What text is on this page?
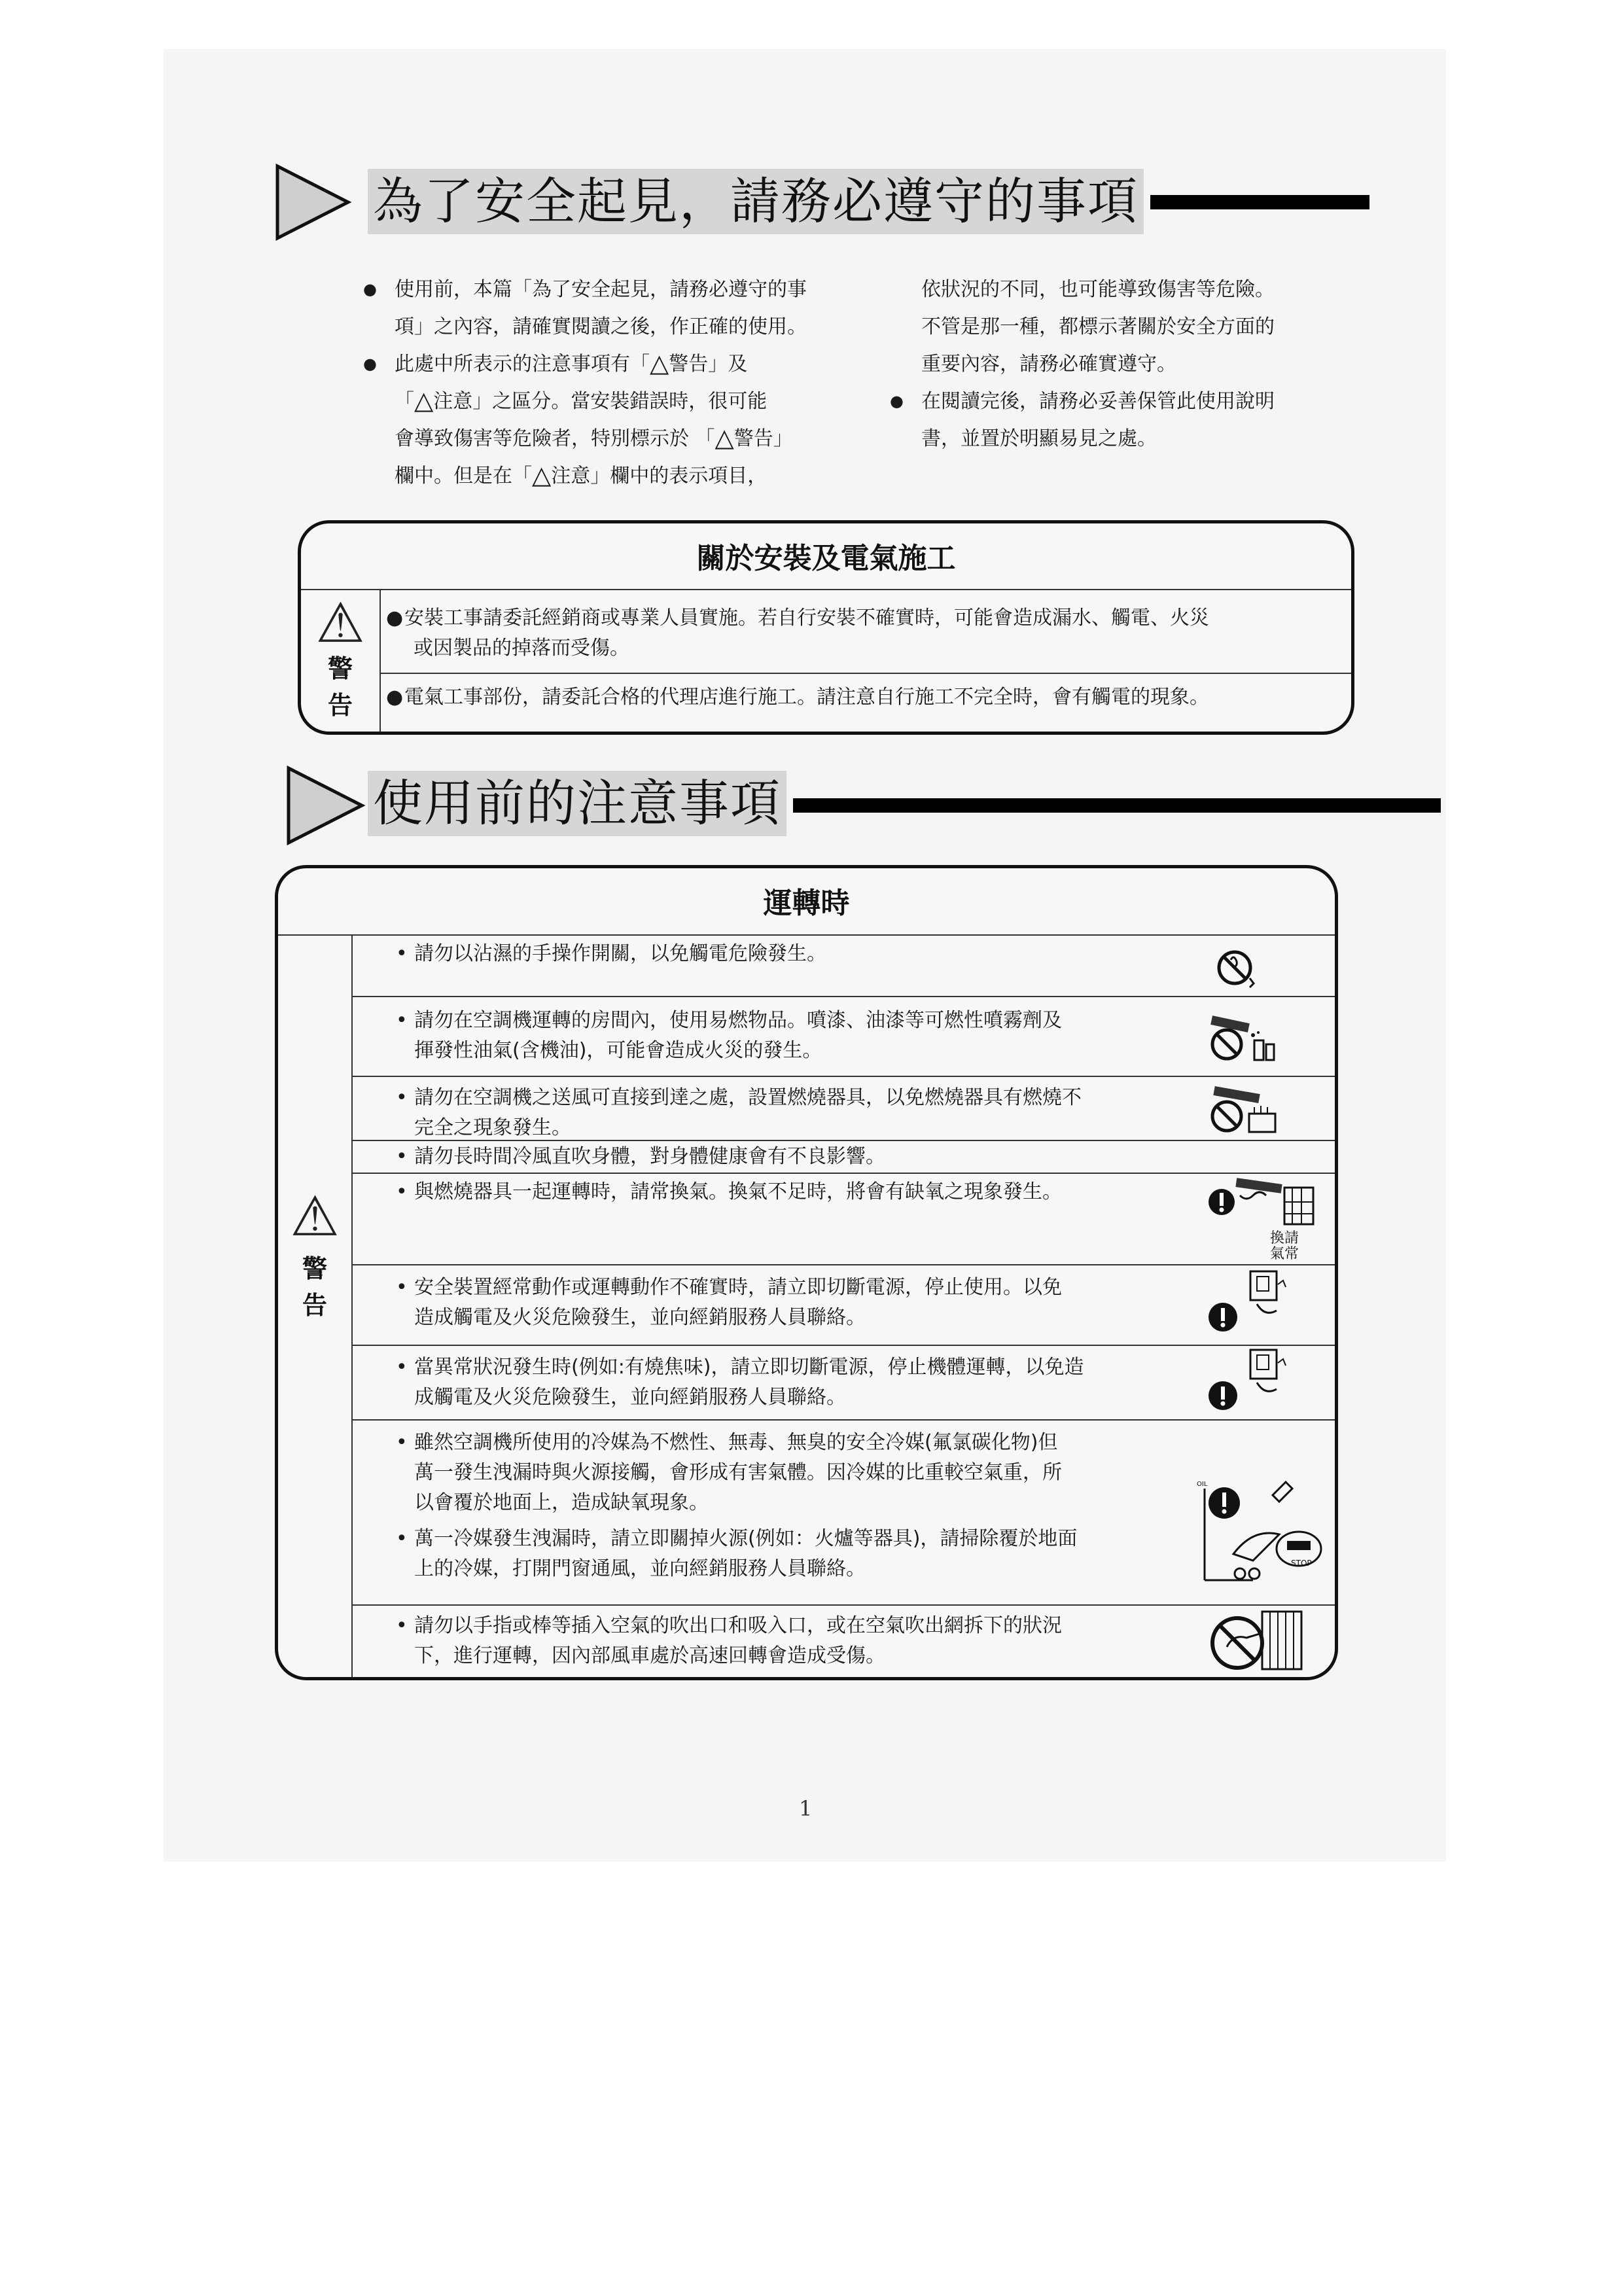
為了安全起見，請務必遵守的事項
● 使用前，本篇「為了安全起見，請務必遵守的事
項」之內容，請確實閱讀之後，作正確的使用。
● 此處中所表示的注意事項有「△警告」及
「△注意」之區分。當安裝錯誤時，很可能
會導致傷害等危險者，特別標示於 「△警告」
欄中。但是在「△注意」欄中的表示項目，
依狀況的不同，也可能導致傷害等危險。
不管是那一種，都標示著關於安全方面的
重要內容，請務必確實遵守。
● 在閱讀完後，請務必妥善保管此使用說明
書，並置於明顯易見之處。
關於安裝及電氣施工
⚠
警告
●安裝工事請委託經銷商或專業人員實施。若自行安裝不確實時，可能會造成漏水、觸電、火災
或因製品的掉落而受傷。
●電氣工事部份，請委託合格的代理店進行施工。請注意自行施工不完全時，會有觸電的現象。
使用前的注意事項
運轉時
⚠
警告
• 請勿以沾濕的手操作開關，以免觸電危險發生。
• 請勿在空調機運轉的房間內，使用易燃物品。噴漆、油漆等可燃性噴霧劑及
揮發性油氣(含機油)，可能會造成火災的發生。
• 請勿在空調機之送風可直接到達之處，設置燃燒器具，以免燃燒器具有燃燒不
完全之現象發生。
• 請勿長時間冷風直吹身體，對身體健康會有不良影響。
• 與燃燒器具一起運轉時，請常換氣。換氣不足時，將會有缺氧之現象發生。
• 安全裝置經常動作或運轉動作不確實時，請立即切斷電源，停止使用。以免
造成觸電及火災危險發生，並向經銷服務人員聯絡。
• 當異常狀況發生時(例如:有燒焦味)，請立即切斷電源，停止機體運轉，以免造
成觸電及火災危險發生，並向經銷服務人員聯絡。
• 雖然空調機所使用的冷媒為不燃性、無毒、無臭的安全冷媒(氟氯碳化物)但
萬一發生洩漏時與火源接觸，會形成有害氣體。因冷媒的比重較空氣重，所
以會覆於地面上，造成缺氧現象。
• 萬一冷媒發生洩漏時，請立即關掉火源(例如：火爐等器具)，請掃除覆於地面
上的冷媒，打開門窗通風，並向經銷服務人員聯絡。
• 請勿以手指或棒等插入空氣的吹出口和吸入口，或在空氣吹出網拆下的狀況
下，進行運轉，因內部風車處於高速回轉會造成受傷。
換請
氣常
STOP
OIL
1
